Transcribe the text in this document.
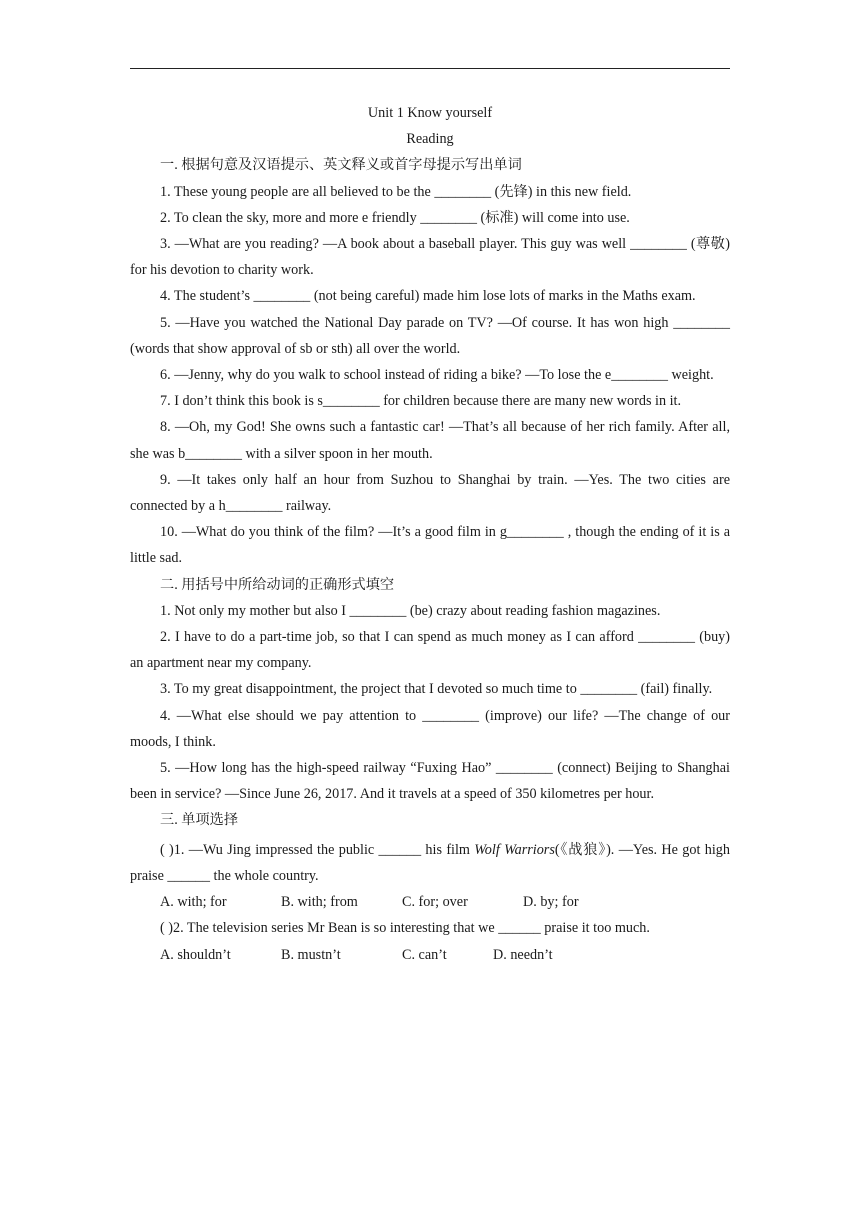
Unit 1 Know yourself

Reading

一. 根据句意及汉语提示、英文释义或首字母提示写出单词

1. These young people are all believed to be the ________ (先锋) in this new field.

2. To clean the sky, more and more e friendly ________ (标准) will come into use.

3. —What are you reading? —A book about a baseball player. This guy was well ________ (尊敬) for his devotion to charity work.

4. The student’s ________ (not being careful) made him lose lots of marks in the Maths exam.

5. —Have you watched the National Day parade on TV? —Of course. It has won high ________ (words that show approval of sb or sth) all over the world.

6. —Jenny, why do you walk to school instead of riding a bike? —To lose the e________ weight.

7. I don’t think this book is s________ for children because there are many new words in it.

8. —Oh, my God! She owns such a fantastic car! —That’s all because of her rich family. After all, she was b________ with a silver spoon in her mouth.

9. —It takes only half an hour from Suzhou to Shanghai by train. —Yes. The two cities are connected by a h________ railway.

10. —What do you think of the film? —It’s a good film in g________ , though the ending of it is a little sad.

二. 用括号中所给动词的正确形式填空

1. Not only my mother but also I ________ (be) crazy about reading fashion magazines.

2. I have to do a part-time job, so that I can spend as much money as I can afford ________ (buy) an apartment near my company.

3. To my great disappointment, the project that I devoted so much time to ________ (fail) finally.

4. —What else should we pay attention to ________ (improve) our life? —The change of our moods, I think.

5. —How long has the high-speed railway “Fuxing Hao” ________ (connect) Beijing to Shanghai been in service? —Since June 26, 2017. And it travels at a speed of 350 kilometres per hour.

三. 单项选择

( )1. —Wu Jing impressed the public ______ his film Wolf Warriors(《战狼》). —Yes. He got high praise ______ the whole country.

A. with; for	B. with; from	C. for; over	D. by; for

( )2. The television series Mr Bean is so interesting that we ______ praise it too much.

A. shouldn’t	B. mustn’t	C. can’t	D. needn’t
